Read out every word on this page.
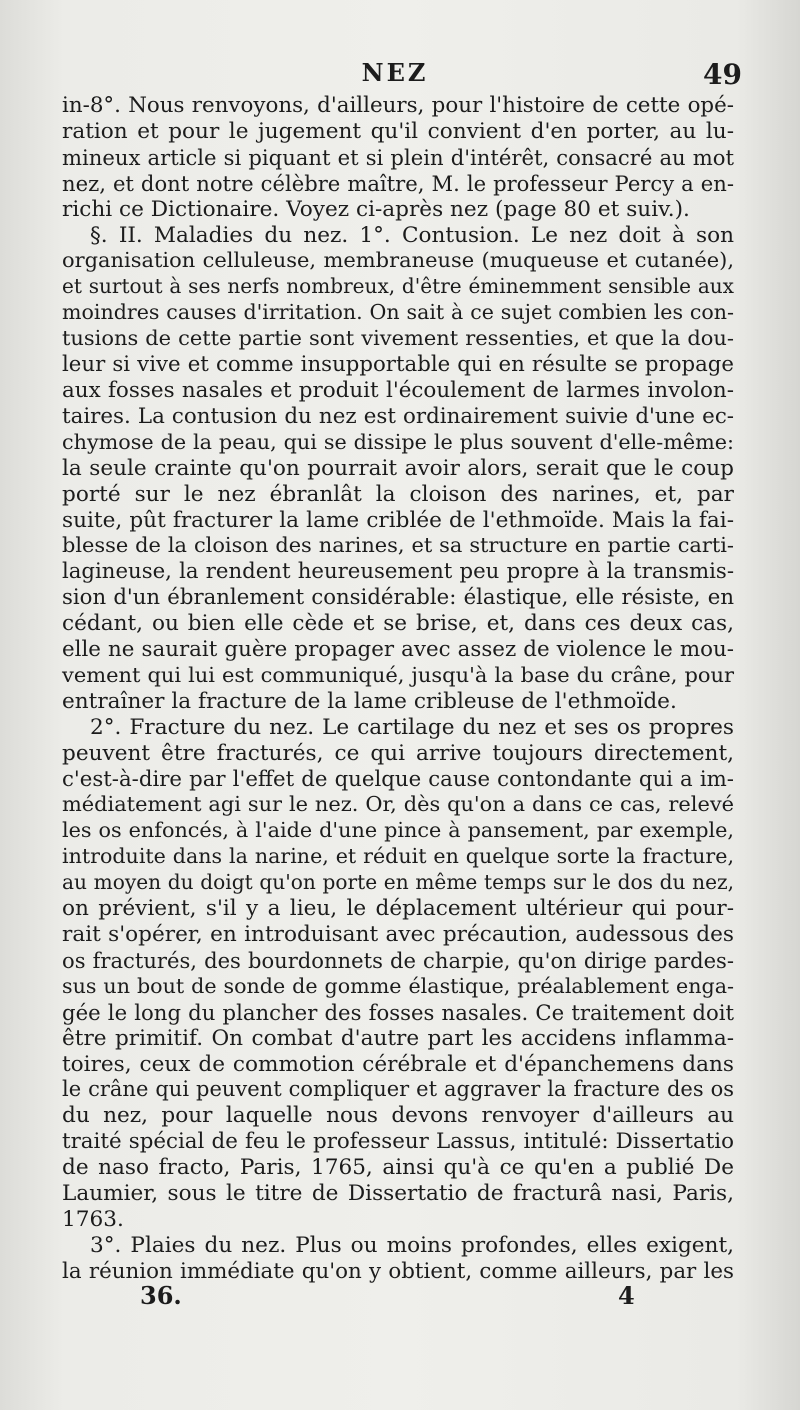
NEZ	49
in-8°. Nous renvoyons, d'ailleurs, pour l'histoire de cette opé-
ration et pour le jugement qu'il convient d'en porter, au lu-
mineux article si piquant et si plein d'intérêt, consacré au mot
nez, et dont notre célèbre maître, M. le professeur Percy a en-
richi ce Dictionaire. Voyez ci-après nez (page 80 et suiv.).
§. II. Maladies du nez. 1°. Contusion. Le nez doit à son
organisation celluleuse, membraneuse (muqueuse et cutanée),
et surtout à ses nerfs nombreux, d'être éminemment sensible aux
moindres causes d'irritation. On sait à ce sujet combien les con-
tusions de cette partie sont vivement ressenties, et que la dou-
leur si vive et comme insupportable qui en résulte se propage
aux fosses nasales et produit l'écoulement de larmes involon-
taires. La contusion du nez est ordinairement suivie d'une ec-
chymose de la peau, qui se dissipe le plus souvent d'elle-même:
la seule crainte qu'on pourrait avoir alors, serait que le coup
porté sur le nez ébranlât la cloison des narines, et, par
suite, pût fracturer la lame criblée de l'ethmoïde. Mais la fai-
blesse de la cloison des narines, et sa structure en partie carti-
lagineuse, la rendent heureusement peu propre à la transmis-
sion d'un ébranlement considérable: élastique, elle résiste, en
cédant, ou bien elle cède et se brise, et, dans ces deux cas,
elle ne saurait guère propager avec assez de violence le mou-
vement qui lui est communiqué, jusqu'à la base du crâne, pour
entraîner la fracture de la lame cribleuse de l'ethmoïde.
2°. Fracture du nez. Le cartilage du nez et ses os propres
peuvent être fracturés, ce qui arrive toujours directement,
c'est-à-dire par l'effet de quelque cause contondante qui a im-
médiatement agi sur le nez. Or, dès qu'on a dans ce cas, relevé
les os enfoncés, à l'aide d'une pince à pansement, par exemple,
introduite dans la narine, et réduit en quelque sorte la fracture,
au moyen du doigt qu'on porte en même temps sur le dos du nez,
on prévient, s'il y a lieu, le déplacement ultérieur qui pour-
rait s'opérer, en introduisant avec précaution, audessous des
os fracturés, des bourdonnets de charpie, qu'on dirige pardes-
sus un bout de sonde de gomme élastique, préalablement enga-
gée le long du plancher des fosses nasales. Ce traitement doit
être primitif. On combat d'autre part les accidens inflamma-
toires, ceux de commotion cérébrale et d'épanchemens dans
le crâne qui peuvent compliquer et aggraver la fracture des os
du nez, pour laquelle nous devons renvoyer d'ailleurs au
traité spécial de feu le professeur Lassus, intitulé: Dissertatio
de naso fracto, Paris, 1765, ainsi qu'à ce qu'en a publié De
Laumier, sous le titre de Dissertatio de fracturâ nasi, Paris,
1763.
3°. Plaies du nez. Plus ou moins profondes, elles exigent,
la réunion immédiate qu'on y obtient, comme ailleurs, par les
36.	4
